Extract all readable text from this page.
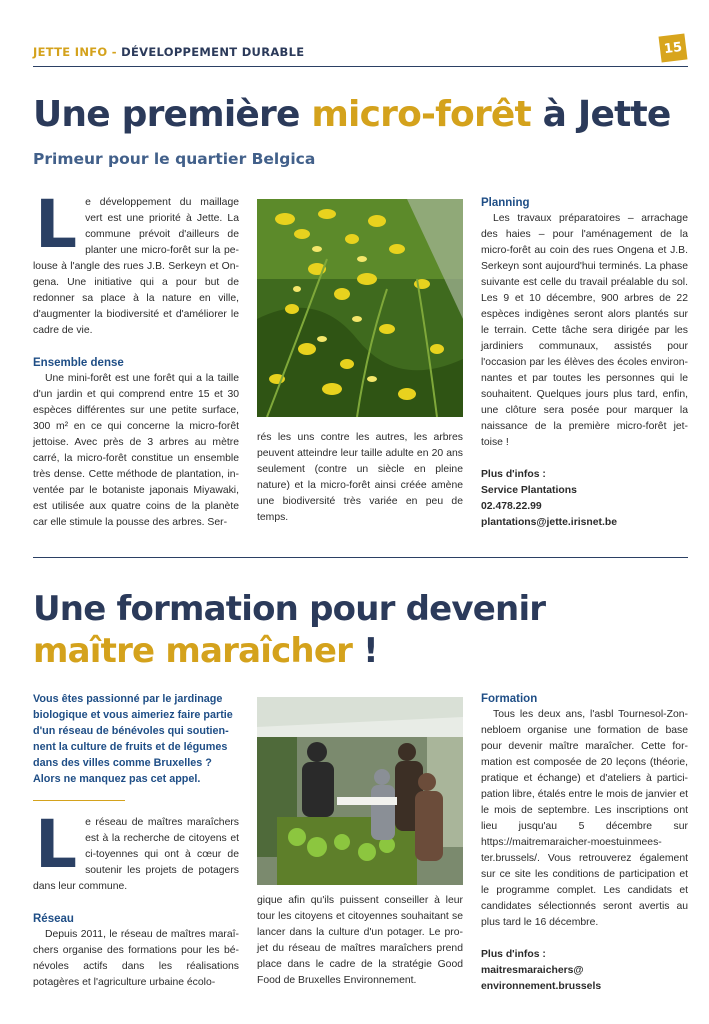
JETTE INFO - DÉVELOPPEMENT DURABLE	15
Une première micro-forêt à Jette
Primeur pour le quartier Belgica
L e développement du maillage vert est une priorité à Jette. La commune prévoit d'ailleurs de planter une micro-forêt sur la pe-louse à l'angle des rues J.B. Serkeyn et On-gena. Une initiative qui a pour but de redonner sa place à la nature en ville, d'augmenter la biodiversité et d'améliorer le cadre de vie.

Ensemble dense

Une mini-forêt est une forêt qui a la taille d'un jardin et qui comprend entre 15 et 30 espèces différentes sur une petite surface, 300 m² en ce qui concerne la micro-forêt jettoise. Avec près de 3 arbres au mètre carré, la micro-forêt constitue un ensemble très dense. Cette méthode de plantation, in-ventée par le botaniste japonais Miyawaki, est utilisée aux quatre coins de la planète car elle stimule la pousse des arbres. Ser-

rés les uns contre les autres, les arbres peuvent atteindre leur taille adulte en 20 ans seulement (contre un siècle en pleine nature) et la micro-forêt ainsi créée amène une biodiversité très variée en peu de temps.

Planning

Les travaux préparatoires – arrachage des haies – pour l'aménagement de la micro-forêt au coin des rues Ongena et J.B. Serkeyn sont aujourd'hui terminés. La phase suivante est celle du travail préalable du sol. Les 9 et 10 décembre, 900 arbres de 22 espèces indigènes seront alors plantés sur le terrain. Cette tâche sera dirigée par les jardiniers communaux, assistés pour l'occasion par les élèves des écoles environ-nantes et par toutes les personnes qui le souhaitent. Quelques jours plus tard, enfin, une clôture sera posée pour marquer la naissance de la première micro-forêt jet-toise !

Plus d'infos :
Service Plantations
02.478.22.99
plantations@jette.irisnet.be
Une formation pour devenir
maître maraîcher !

Vous êtes passionné par le jardinage biologique et vous aimeriez faire partie d'un réseau de bénévoles qui soutien-nent la culture de fruits et de légumes dans des villes comme Bruxelles ? Alors ne manquez pas cet appel.

L e réseau de maîtres maraîchers est à la recherche de citoyens et ci-toyennes qui ont à cœur de soutenir les projets de potagers dans leur commune.

Réseau

Depuis 2011, le réseau de maîtres maraî-chers organise des formations pour les bé-névoles actifs dans les réalisations potagères et l'agriculture urbaine écolo-

gique afin qu'ils puissent conseiller à leur tour les citoyens et citoyennes souhaitant se lancer dans la culture d'un potager. Le pro-jet du réseau de maîtres maraîchers prend place dans le cadre de la stratégie Good Food de Bruxelles Environnement.

Formation

Tous les deux ans, l'asbl Tournesol-Zon-nebloem organise une formation de base pour devenir maître maraîcher. Cette for-mation est composée de 20 leçons (théorie, pratique et échange) et d'ateliers à partici-pation libre, étalés entre le mois de janvier et le mois de septembre. Les inscriptions ont lieu jusqu'au 5 décembre sur https://maitremaraicher-moestuinmees-ter.brussels/. Vous retrouverez également sur ce site les conditions de participation et le programme complet. Les candidats et candidates sélectionnés seront avertis au plus tard le 16 décembre.

Plus d'infos :
maitresmaraichers@
environnement.brussels
